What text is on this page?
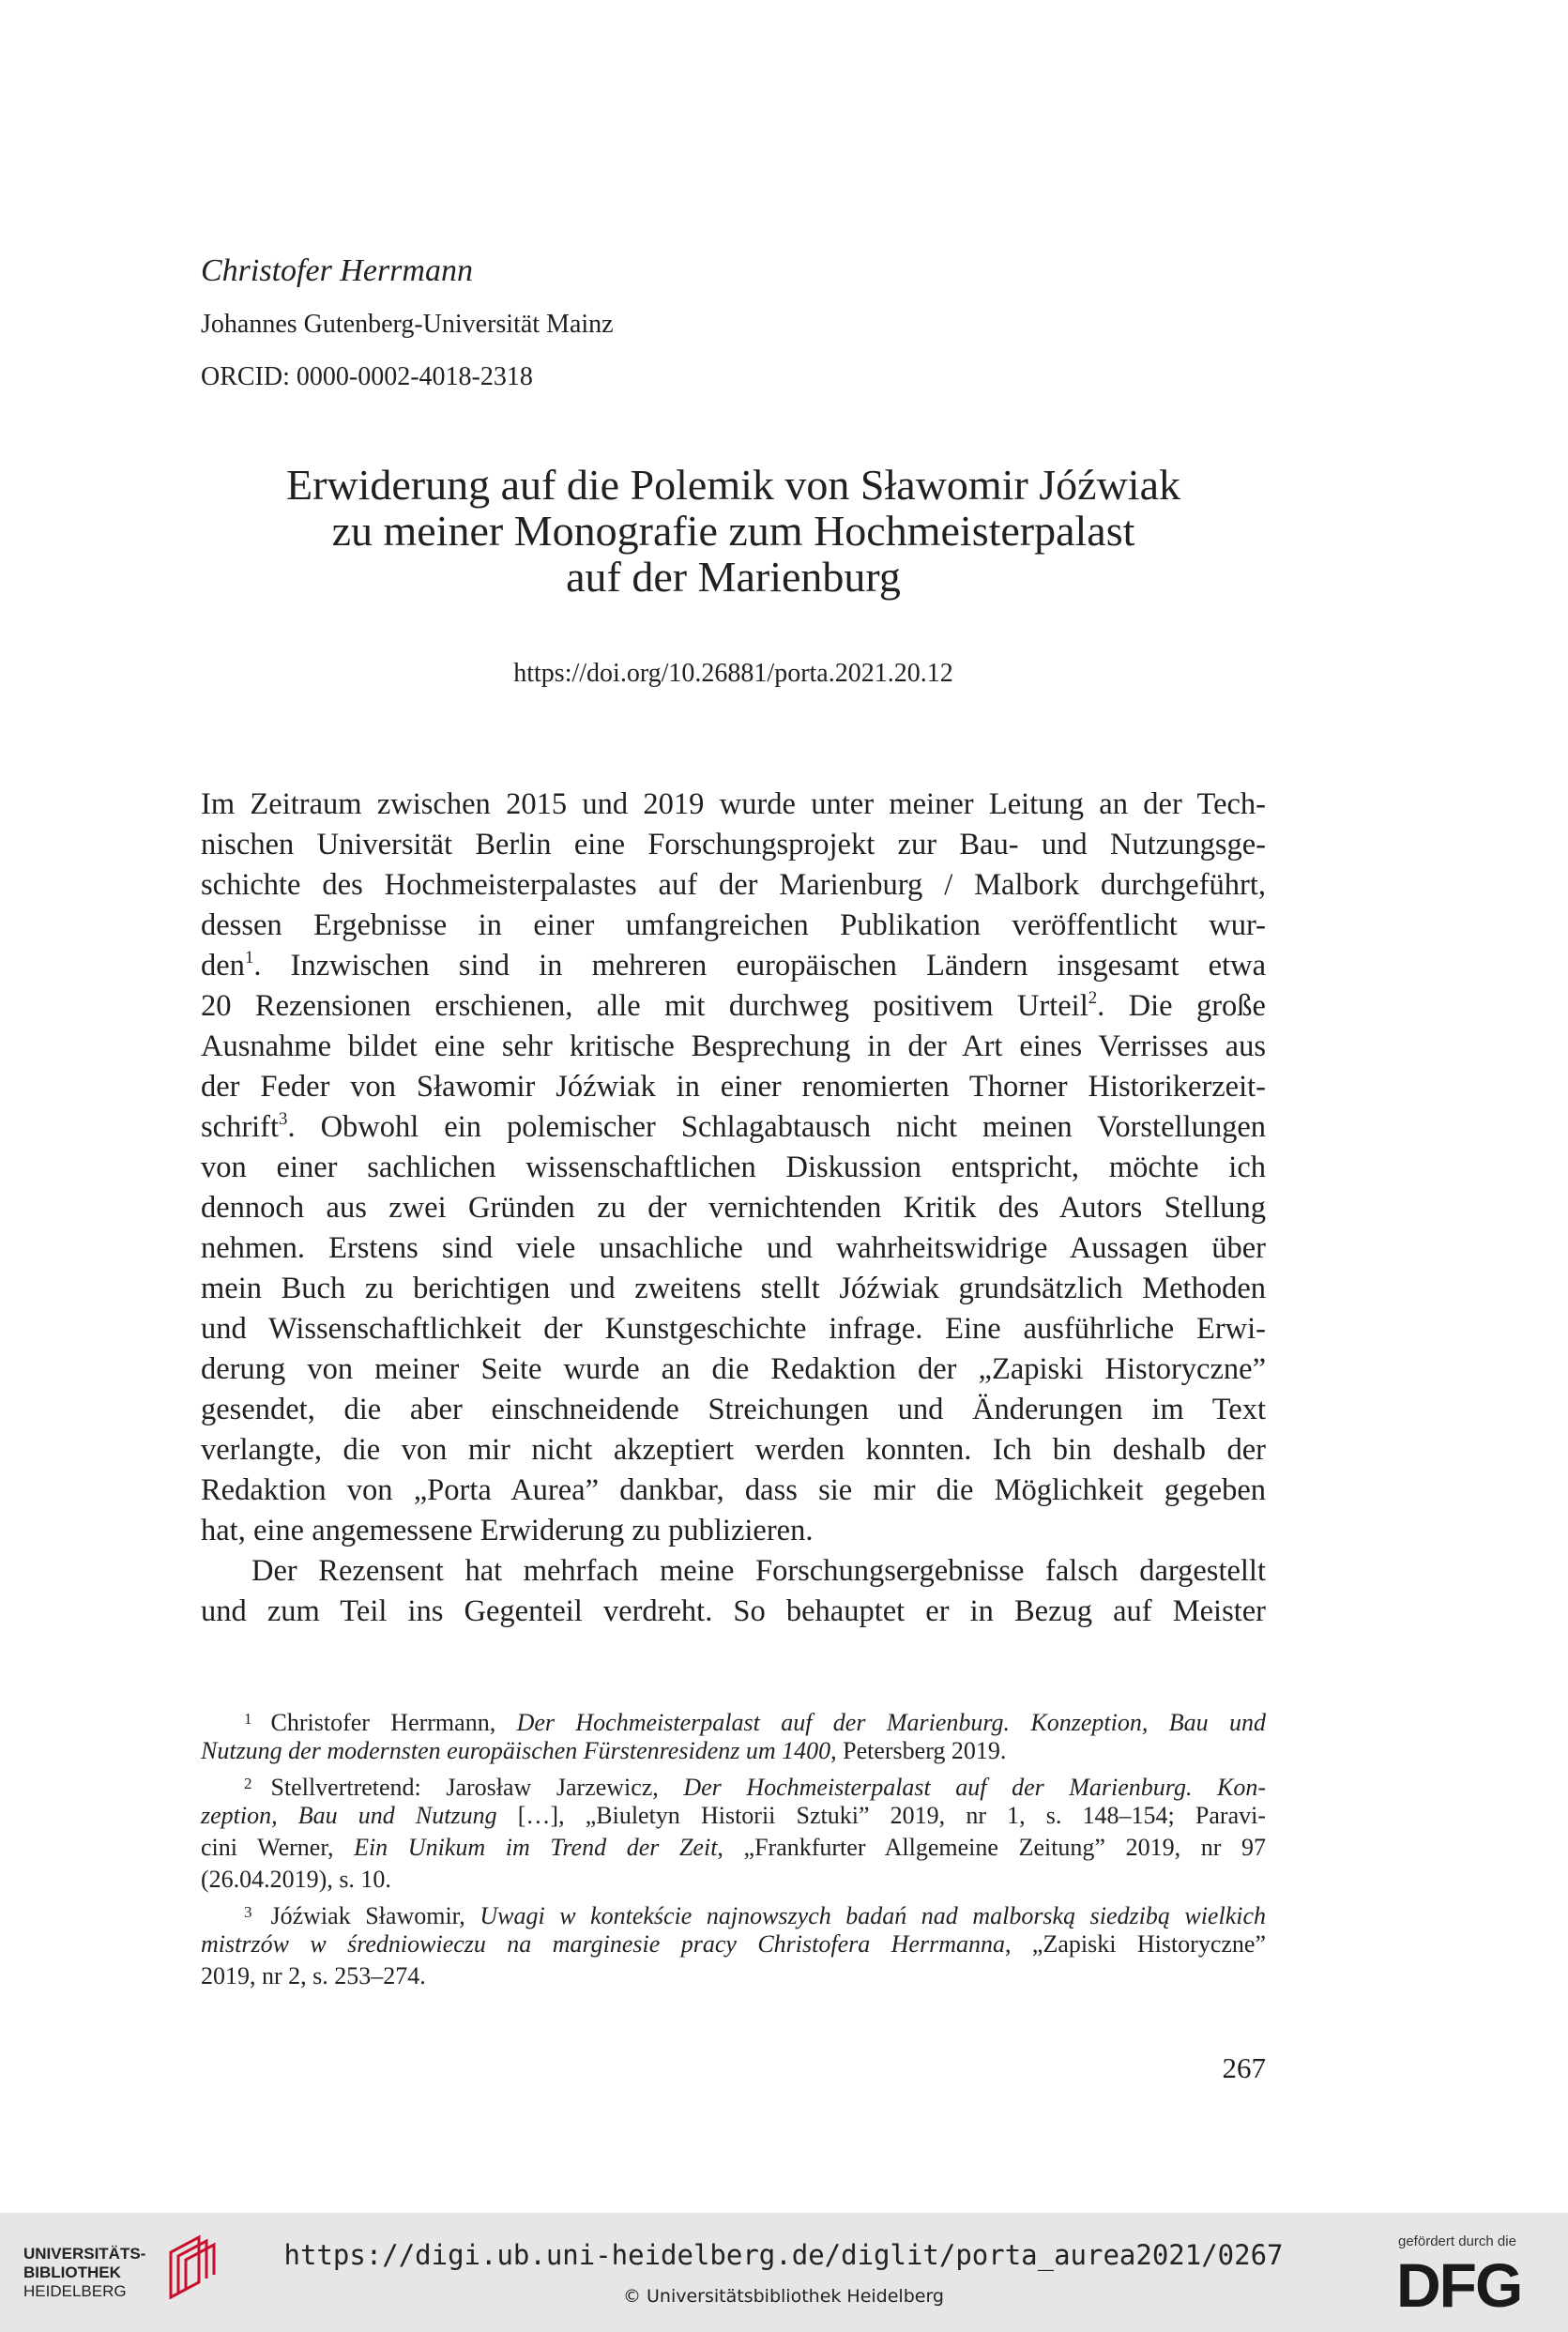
Christofer Herrmann
Johannes Gutenberg-Universität Mainz
ORCID: 0000-0002-4018-2318
Erwiderung auf die Polemik von Sławomir Jóźwiak
zu meiner Monografie zum Hochmeisterpalast
auf der Marienburg
https://doi.org/10.26881/porta.2021.20.12
Im Zeitraum zwischen 2015 und 2019 wurde unter meiner Leitung an der Tech-
nischen Universität Berlin eine Forschungsprojekt zur Bau- und Nutzungsge-
schichte des Hochmeisterpalastes auf der Marienburg / Malbork durchgeführt,
dessen Ergebnisse in einer umfangreichen Publikation veröffentlicht wur-
den$^1$. Inzwischen sind in mehreren europäischen Ländern insgesamt etwa
20 Rezensionen erschienen, alle mit durchweg positivem Urteil$^2$. Die große
Ausnahme bildet eine sehr kritische Besprechung in der Art eines Verrisses aus
der Feder von Sławomir Jóźwiak in einer renomierten Thorner Historikerzeit-
schrift$^3$. Obwohl ein polemischer Schlagabtausch nicht meinen Vorstellungen
von einer sachlichen wissenschaftlichen Diskussion entspricht, möchte ich
dennoch aus zwei Gründen zu der vernichtenden Kritik des Autors Stellung
nehmen. Erstens sind viele unsachliche und wahrheitswidrige Aussagen über
mein Buch zu berichtigen und zweitens stellt Jóźwiak grundsätzlich Methoden
und Wissenschaftlichkeit der Kunstgeschichte infrage. Eine ausführliche Erwi-
derung von meiner Seite wurde an die Redaktion der „Zapiski Historyczne”
gesendet, die aber einschneidende Streichungen und Änderungen im Text
verlangte, die von mir nicht akzeptiert werden konnten. Ich bin deshalb der
Redaktion von „Porta Aurea” dankbar, dass sie mir die Möglichkeit gegeben
hat, eine angemessene Erwiderung zu publizieren.
Der Rezensent hat mehrfach meine Forschungsergebnisse falsch dargestellt
und zum Teil ins Gegenteil verdreht. So behauptet er in Bezug auf Meister
1 Christofer Herrmann, Der Hochmeisterpalast auf der Marienburg. Konzeption, Bau und
Nutzung der modernsten europäischen Fürstenresidenz um 1400, Petersberg 2019.
2 Stellvertretend: Jarosław Jarzewicz, Der Hochmeisterpalast auf der Marienburg. Kon-
zeption, Bau und Nutzung […], „Biuletyn Historii Sztuki” 2019, nr 1, s. 148–154; Paravi-
cini Werner, Ein Unikum im Trend der Zeit, „Frankfurter Allgemeine Zeitung” 2019, nr 97
(26.04.2019), s. 10.
3 Jóźwiak Sławomir, Uwagi w kontekście najnowszych badań nad malborską siedzibą wielkich
mistrzów w średniowieczu na marginesie pracy Christofera Herrmanna, „Zapiski Historyczne”
2019, nr 2, s. 253–274.
267
UNIVERSITÄTS-
BIBLIOTHEK
HEIDELBERG
https://digi.ub.uni-heidelberg.de/diglit/porta_aurea2021/0267
© Universitätsbibliothek Heidelberg
gefördert durch die
DFG
